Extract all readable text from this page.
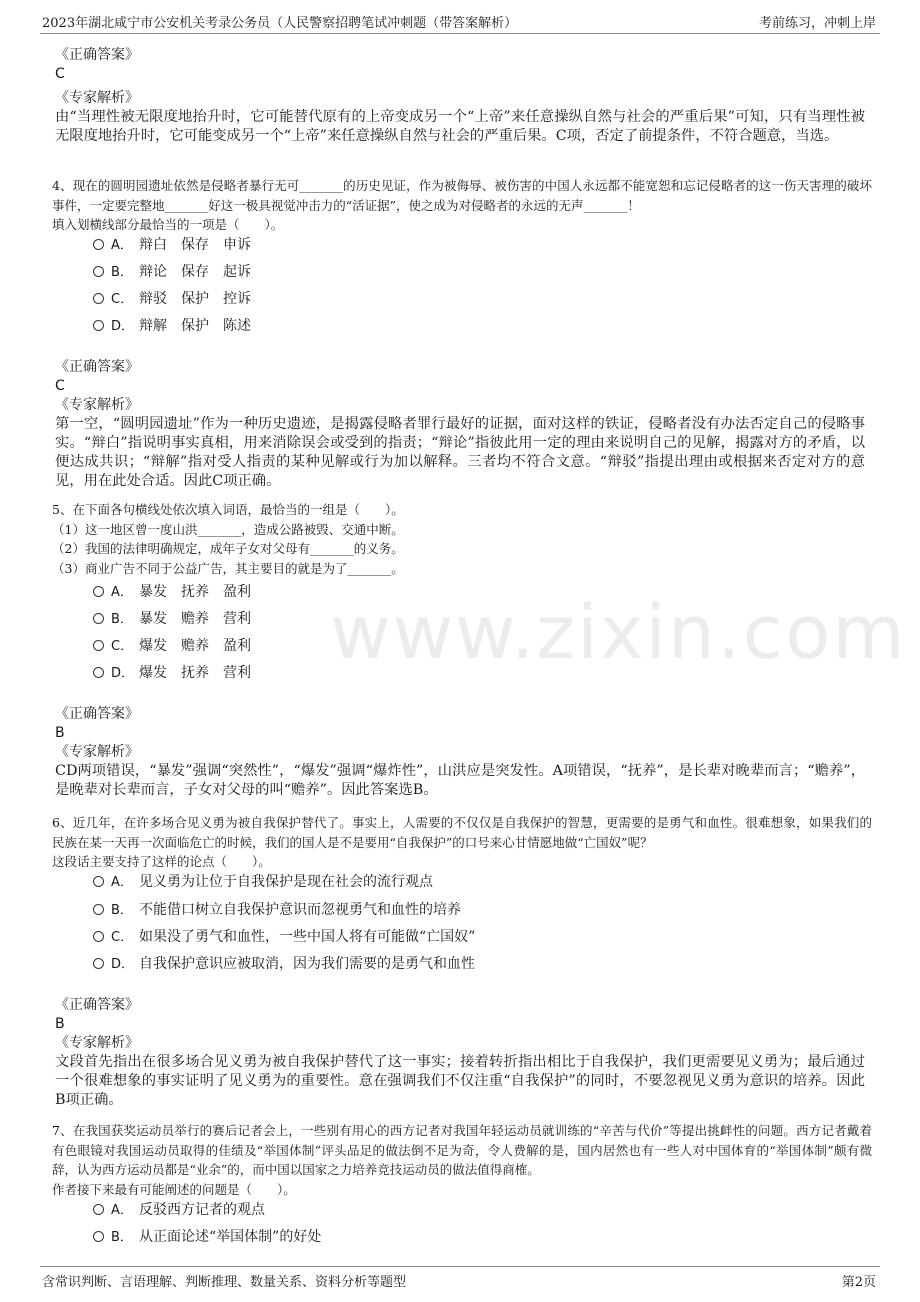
www.zixin.com
2023年湖北咸宁市公安机关考录公务员（人民警察招聘笔试冲刺题（带答案解析）	考前练习，冲刺上岸
《正确答案》
C
《专家解析》
由“当理性被无限度地抬升时，它可能替代原有的上帝变成另一个“上帝”来任意操纵自然与社会的严重后果”可知，只有当理性被无限度地抬升时，它可能变成另一个“上帝”来任意操纵自然与社会的严重后果。C项，否定了前提条件，不符合题意，当选。
4、现在的圆明园遗址依然是侵略者暴行无可_______的历史见证，作为被侮辱、被伤害的中国人永远都不能宽恕和忘记侵略者的这一伤天害理的破坏事件，一定要完整地_______好这一极具视觉冲击力的“活证据”，使之成为对侵略者的永远的无声_______！
填入划横线部分最恰当的一项是（　　）。
A． 辩白　保存　申诉
B． 辩论　保存　起诉
C． 辩驳　保护　控诉
D． 辩解　保护　陈述
《正确答案》
C
《专家解析》
第一空，“圆明园遗址”作为一种历史遗迹，是揭露侵略者罪行最好的证据，面对这样的铁证，侵略者没有办法否定自己的侵略事实。“辩白”指说明事实真相，用来消除误会或受到的指责；“辩论”指彼此用一定的理由来说明自己的见解，揭露对方的矛盾，以便达成共识；“辩解”指对受人指责的某种见解或行为加以解释。三者均不符合文意。“辩驳”指提出理由或根据来否定对方的意见，用在此处合适。因此C项正确。
5、在下面各句横线处依次填入词语，最恰当的一组是（　　）。
（1）这一地区曾一度山洪_______，造成公路被毁、交通中断。
（2）我国的法律明确规定，成年子女对父母有_______的义务。
（3）商业广告不同于公益广告，其主要目的就是为了_______。
A． 暴发　抚养　盈利
B． 暴发　赡养　营利
C． 爆发　赡养　盈利
D． 爆发　抚养　营利
《正确答案》
B
《专家解析》
CD两项错误，“暴发”强调“突然性”，“爆发”强调“爆炸性”，山洪应是突发性。A项错误，“抚养”，是长辈对晚辈而言；“赡养”，是晚辈对长辈而言，子女对父母的叫“赡养”。因此答案选B。
6、近几年，在许多场合见义勇为被自我保护替代了。事实上，人需要的不仅仅是自我保护的智慧，更需要的是勇气和血性。很难想象，如果我们的民族在某一天再一次面临危亡的时候，我们的国人是不是要用“自我保护”的口号来心甘情愿地做“亡国奴”呢？
这段话主要支持了这样的论点（　　）。
A． 见义勇为让位于自我保护是现在社会的流行观点
B． 不能借口树立自我保护意识而忽视勇气和血性的培养
C． 如果没了勇气和血性，一些中国人将有可能做“亡国奴”
D． 自我保护意识应被取消，因为我们需要的是勇气和血性
《正确答案》
B
《专家解析》
文段首先指出在很多场合见义勇为被自我保护替代了这一事实；接着转折指出相比于自我保护，我们更需要见义勇为；最后通过一个很难想象的事实证明了见义勇为的重要性。意在强调我们不仅注重“自我保护”的同时，不要忽视见义勇为意识的培养。因此B项正确。
7、在我国获奖运动员举行的赛后记者会上，一些别有用心的西方记者对我国年轻运动员就训练的“辛苦与代价”等提出挑衅性的问题。西方记者戴着有色眼镜对我国运动员取得的佳绩及“举国体制”评头品足的做法倒不足为奇，令人费解的是，国内居然也有一些人对中国体育的“举国体制”颇有微辞，认为西方运动员都是“业余”的，而中国以国家之力培养竞技运动员的做法值得商榷。
作者接下来最有可能阐述的问题是（　　）。
A． 反驳西方记者的观点
B． 从正面论述“举国体制”的好处
含常识判断、言语理解、判断推理、数量关系、资料分析等题型	第2页
